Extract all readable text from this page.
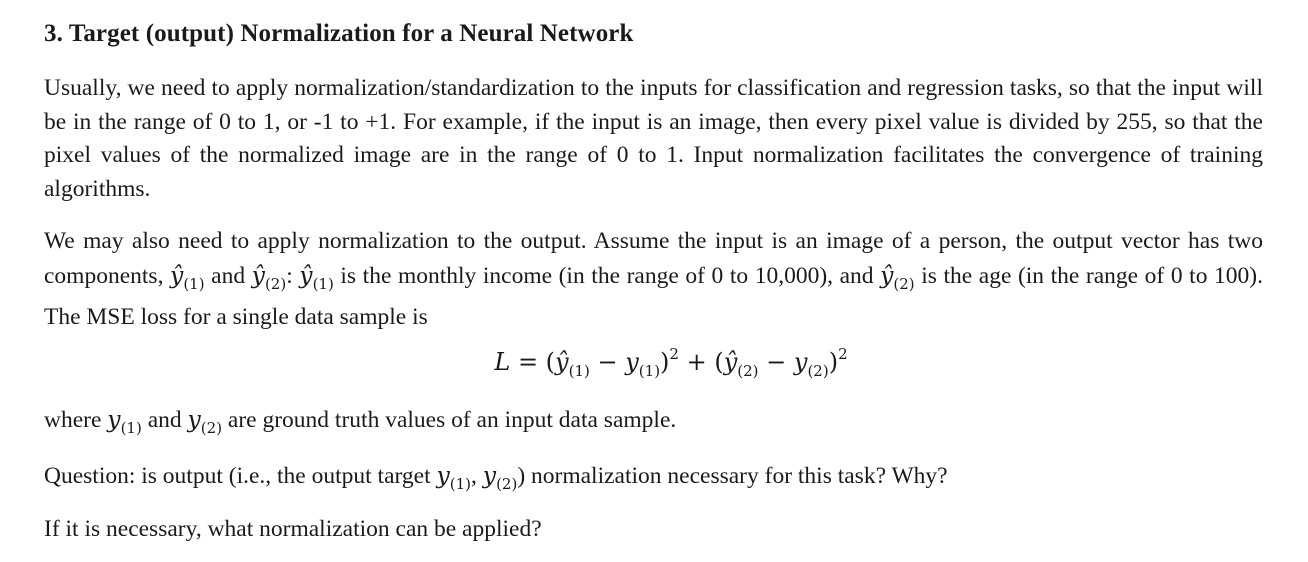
3. Target (output) Normalization for a Neural Network
Usually, we need to apply normalization/standardization to the inputs for classification and regression tasks, so that the input will be in the range of 0 to 1, or -1 to +1. For example, if the input is an image, then every pixel value is divided by 255, so that the pixel values of the normalized image are in the range of 0 to 1. Input normalization facilitates the convergence of training algorithms.
We may also need to apply normalization to the output. Assume the input is an image of a person, the output vector has two components, $ŷ_{(1)}$ and $ŷ_{(2)}$: $ŷ_{(1)}$ is the monthly income (in the range of 0 to 10,000), and $ŷ_{(2)}$ is the age (in the range of 0 to 100). The MSE loss for a single data sample is
$L = (ŷ_{(1)} - y_{(1)})^2$ + $(ŷ_{(2)} - y_{(2)})^2$
where $y_{(1)}$ and $y_{(2)}$ are ground truth values of an input data sample.
Question: is output (i.e., the output target $y_{(1)}$, $y_{(2)}$) normalization necessary for this task? Why?
If it is necessary, what normalization can be applied?
